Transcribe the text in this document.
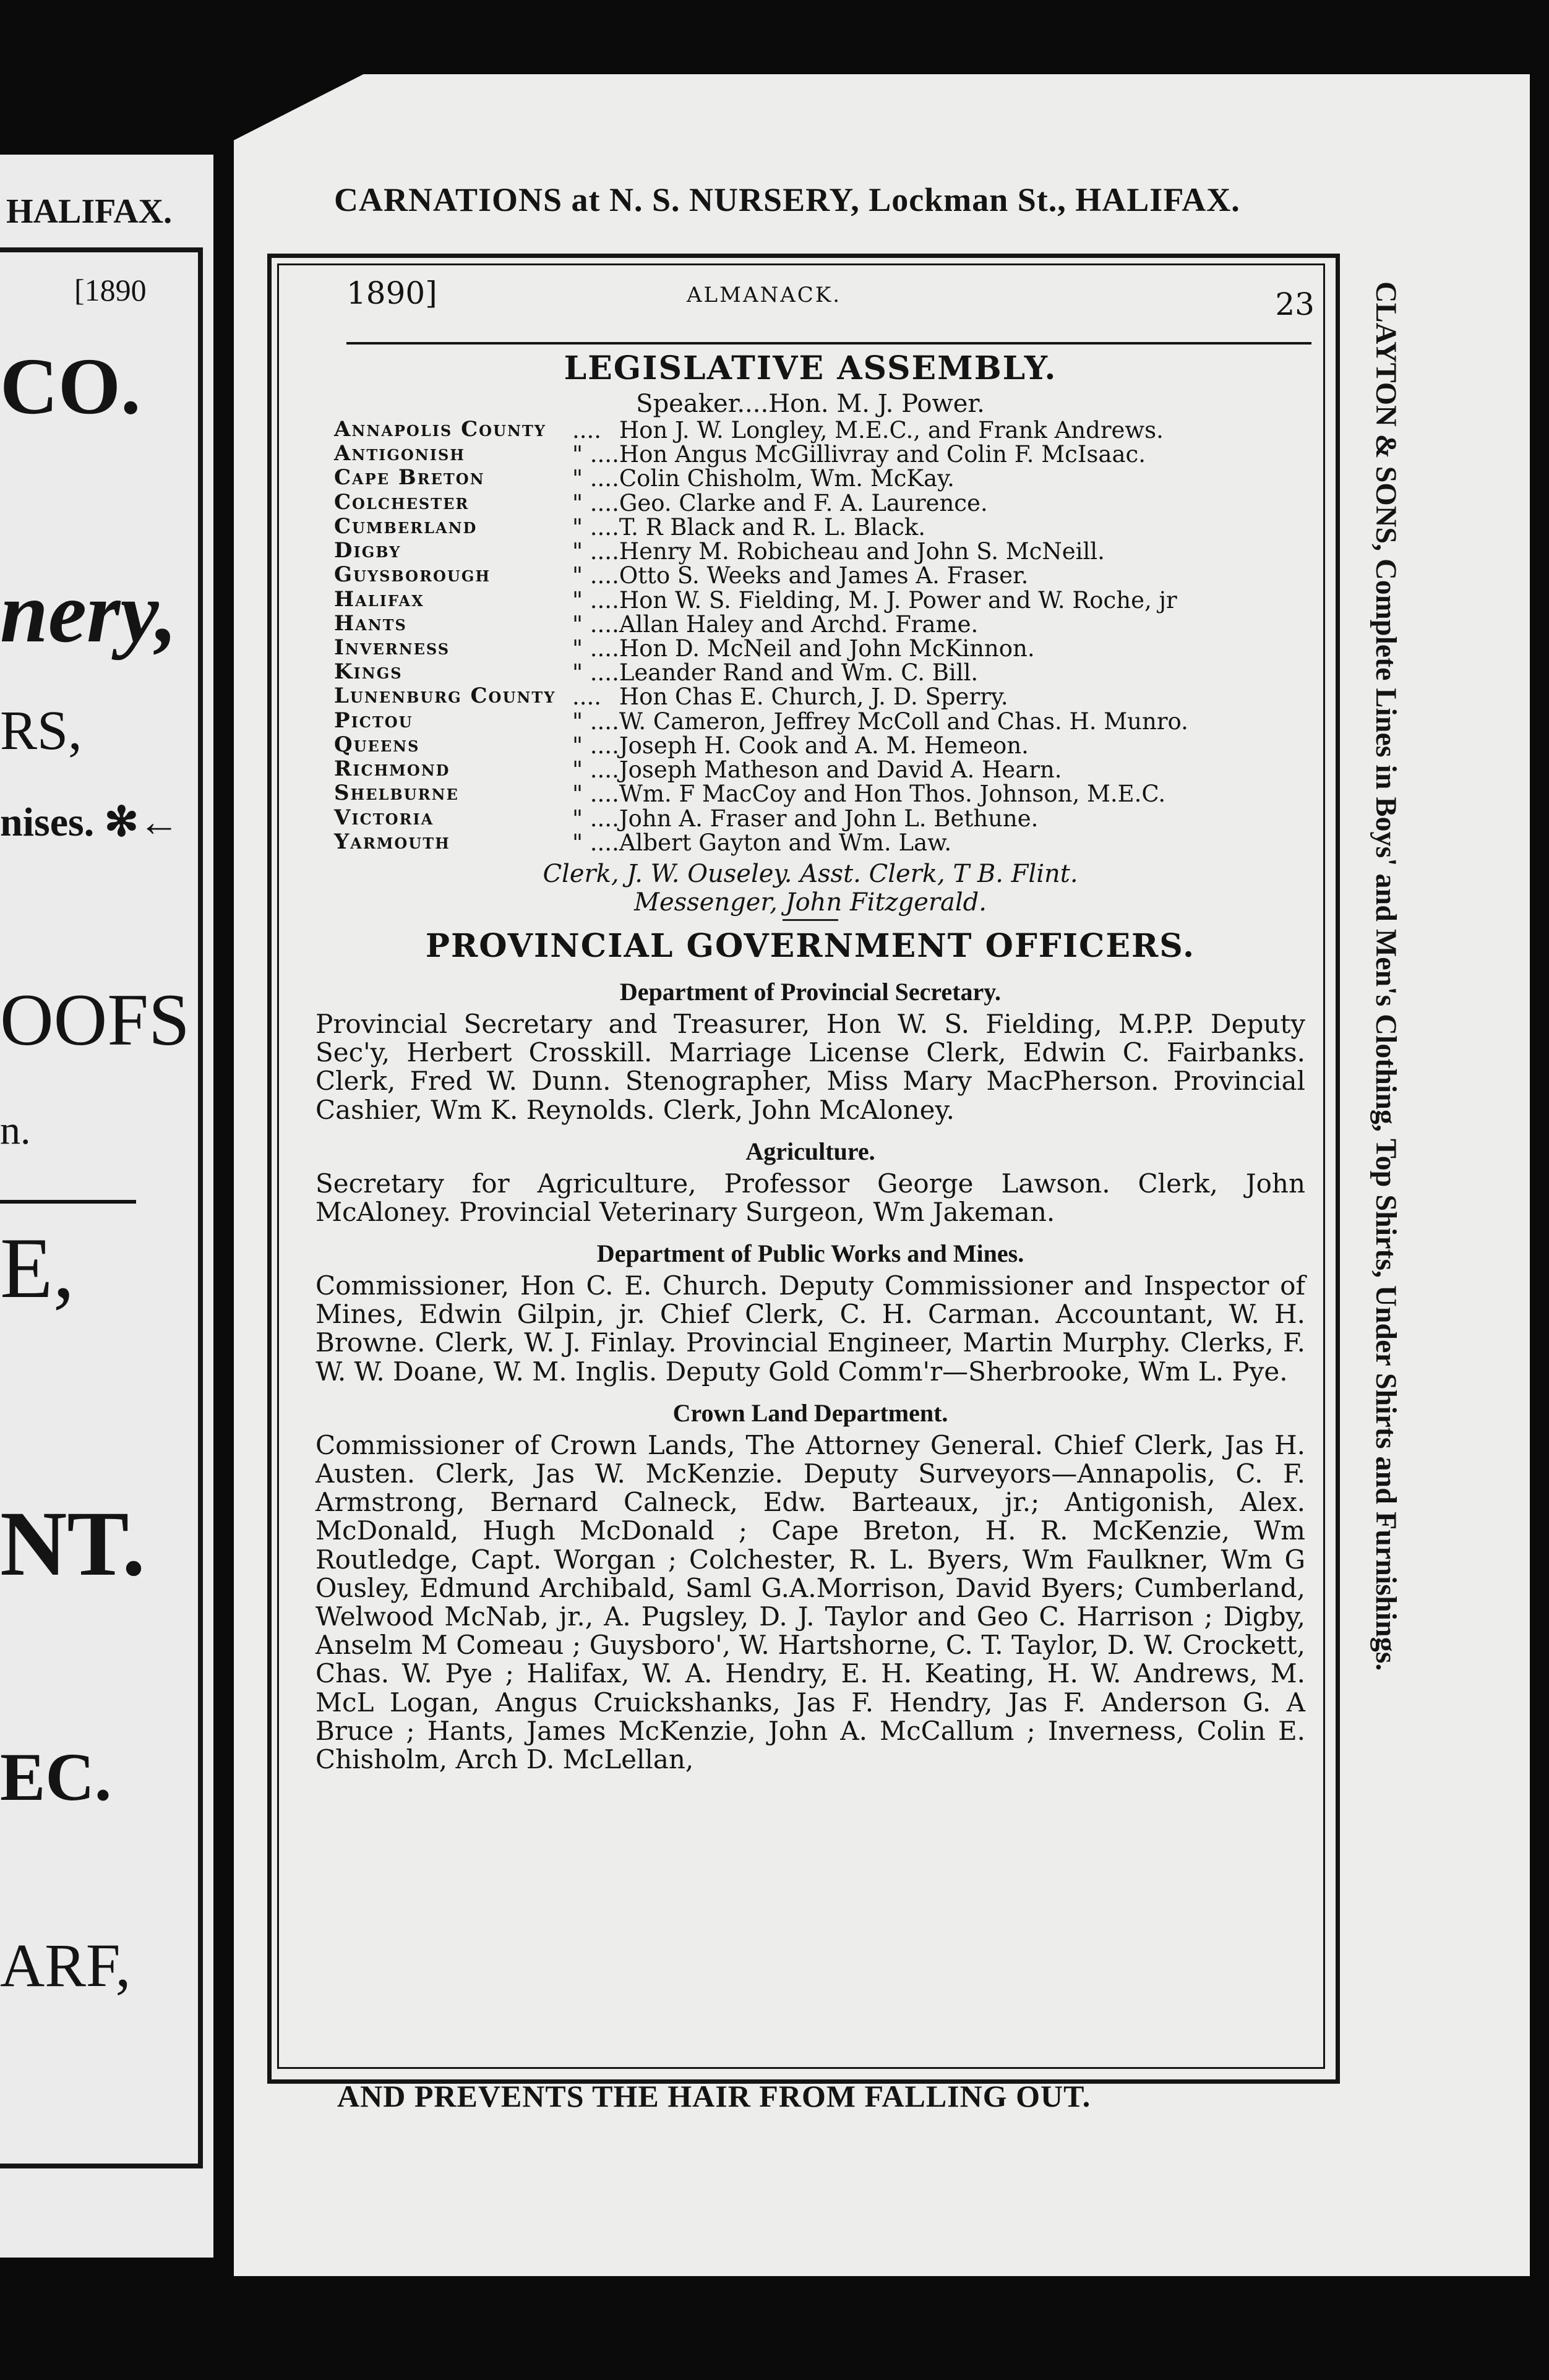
HALIFAX.
[1890
CO.
nery,
RS,
nises. ✻←
OOFS
n.
E,
NT.
EC.
ARF,
CARNATIONS at N. S. NURSERY, Lockman St., HALIFAX.
CLAYTON & SONS, Complete Lines in Boys' and Men's Clothing, Top Shirts, Under Shirts and Furnishings.
1890]	ALMANACK.	23
LEGISLATIVE ASSEMBLY.

Speaker....Hon. M. J. Power.

Annapolis County	....	Hon J. W. Longley, M.E.C., and Frank Andrews.
Antigonish	" ....	Hon Angus McGillivray and Colin F. McIsaac.
Cape Breton	" ....	Colin Chisholm, Wm. McKay.
Colchester	" ....	Geo. Clarke and F. A. Laurence.
Cumberland	" ....	T. R Black and R. L. Black.
Digby	" ....	Henry M. Robicheau and John S. McNeill.
Guysborough	" ....	Otto S. Weeks and James A. Fraser.
Halifax	" ....	Hon W. S. Fielding, M. J. Power and W. Roche, jr
Hants	" ....	Allan Haley and Archd. Frame.
Inverness	" ....	Hon D. McNeil and John McKinnon.
Kings	" ....	Leander Rand and Wm. C. Bill.
Lunenburg County	....	Hon Chas E. Church, J. D. Sperry.
Pictou	" ....	W. Cameron, Jeffrey McColl and Chas. H. Munro.
Queens	" ....	Joseph H. Cook and A. M. Hemeon.
Richmond	" ....	Joseph Matheson and David A. Hearn.
Shelburne	" ....	Wm. F MacCoy and Hon Thos. Johnson, M.E.C.
Victoria	" ....	John A. Fraser and John L. Bethune.
Yarmouth	" ....	Albert Gayton and Wm. Law.

Clerk, J. W. Ouseley. Asst. Clerk, T B. Flint.

Messenger, John Fitzgerald.

PROVINCIAL GOVERNMENT OFFICERS.
Department of Provincial Secretary.

Provincial Secretary and Treasurer, Hon W. S. Fielding, M.P.P. Deputy Sec'y, Herbert Crosskill. Marriage License Clerk, Edwin C. Fairbanks. Clerk, Fred W. Dunn. Stenographer, Miss Mary MacPherson. Provincial Cashier, Wm K. Reynolds. Clerk, John McAloney.

Agriculture.

Secretary for Agriculture, Professor George Lawson. Clerk, John McAloney. Provincial Veterinary Surgeon, Wm Jakeman.

Department of Public Works and Mines.

Commissioner, Hon C. E. Church. Deputy Commissioner and Inspector of Mines, Edwin Gilpin, jr. Chief Clerk, C. H. Carman. Accountant, W. H. Browne. Clerk, W. J. Finlay. Provincial Engineer, Martin Murphy. Clerks, F. W. W. Doane, W. M. Inglis. Deputy Gold Comm'r—Sherbrooke, Wm L. Pye.

Crown Land Department.

Commissioner of Crown Lands, The Attorney General. Chief Clerk, Jas H. Austen. Clerk, Jas W. McKenzie. Deputy Surveyors—Annapolis, C. F. Armstrong, Bernard Calneck, Edw. Barteaux, jr.; Antigonish, Alex. McDonald, Hugh McDonald ; Cape Breton, H. R. McKenzie, Wm Routledge, Capt. Worgan ; Colchester, R. L. Byers, Wm Faulkner, Wm G Ousley, Edmund Archibald, Saml G.A.Morrison, David Byers; Cumberland, Welwood McNab, jr., A. Pugsley, D. J. Taylor and Geo C. Harrison ; Digby, Anselm M Comeau ; Guysboro', W. Hartshorne, C. T. Taylor, D. W. Crockett, Chas. W. Pye ; Halifax, W. A. Hendry, E. H. Keating, H. W. Andrews, M. McL Logan, Angus Cruickshanks, Jas F. Hendry, Jas F. Anderson G. A Bruce ; Hants, James McKenzie, John A. McCallum ; Inverness, Colin E. Chisholm, Arch D. McLellan,

AND PREVENTS THE HAIR FROM FALLING OUT.
